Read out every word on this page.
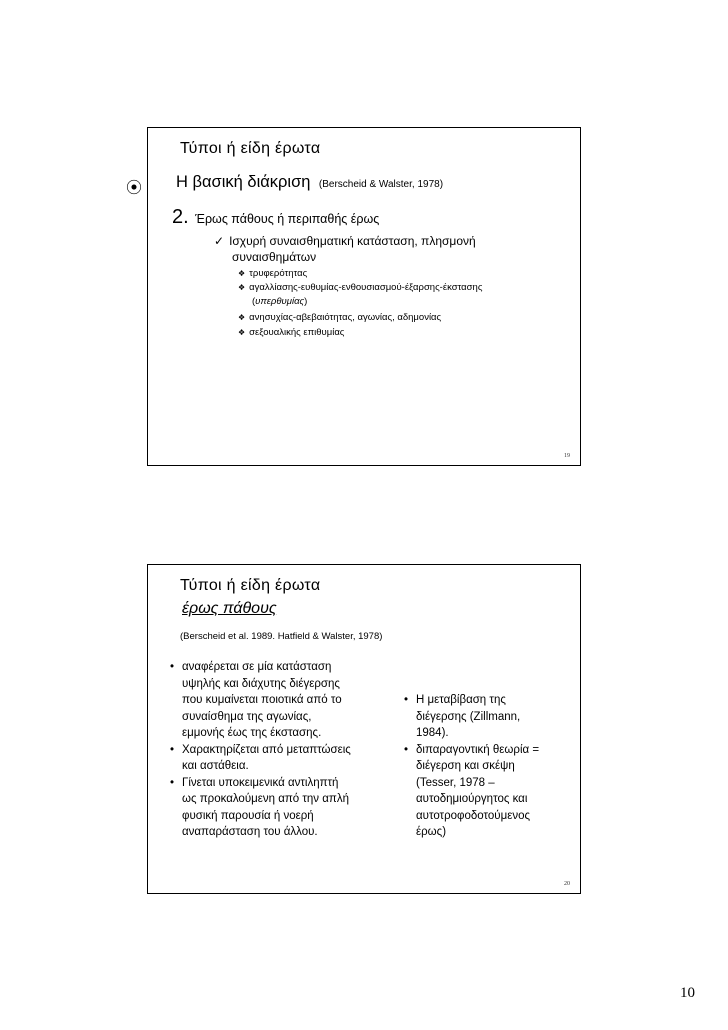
Τύποι ή είδη έρωτα
⦿ Η βασική διάκριση (Berscheid & Walster, 1978)
2. Έρως πάθους ή περιπαθής έρως
✓ Ισχυρή συναισθηματική κατάσταση, πλησμονή
συναισθημάτων
❖ τρυφερότητας
❖ αγαλλίασης-ευθυμίας-ενθουσιασμού-έξαρσης-έκστασης
(υπερθυμίας)
❖ ανησυχίας-αβεβαιότητας, αγωνίας, αδημονίας
❖ σεξουαλικής επιθυμίας
19
Τύποι ή είδη έρωτα
έρως πάθους
(Berscheid et al. 1989. Hatfield & Walster, 1978)
• αναφέρεται σε μία κατάσταση
υψηλής και διάχυτης διέγερσης
που κυμαίνεται ποιοτικά από το
συναίσθημα της αγωνίας,
εμμονής έως της έκστασης.
• Χαρακτηρίζεται από μεταπτώσεις
και αστάθεια.
• Γίνεται υποκειμενικά αντιληπτή
ως προκαλούμενη από την απλή
φυσική παρουσία ή νοερή
αναπαράσταση του άλλου.
• Η μεταβίβαση της
διέγερσης (Zillmann,
1984).
• διπαραγοντική θεωρία =
διέγερση και σκέψη
(Tesser, 1978 –
αυτοδημιούργητος και
αυτοτροφοδοτούμενος
έρως)
20
10
